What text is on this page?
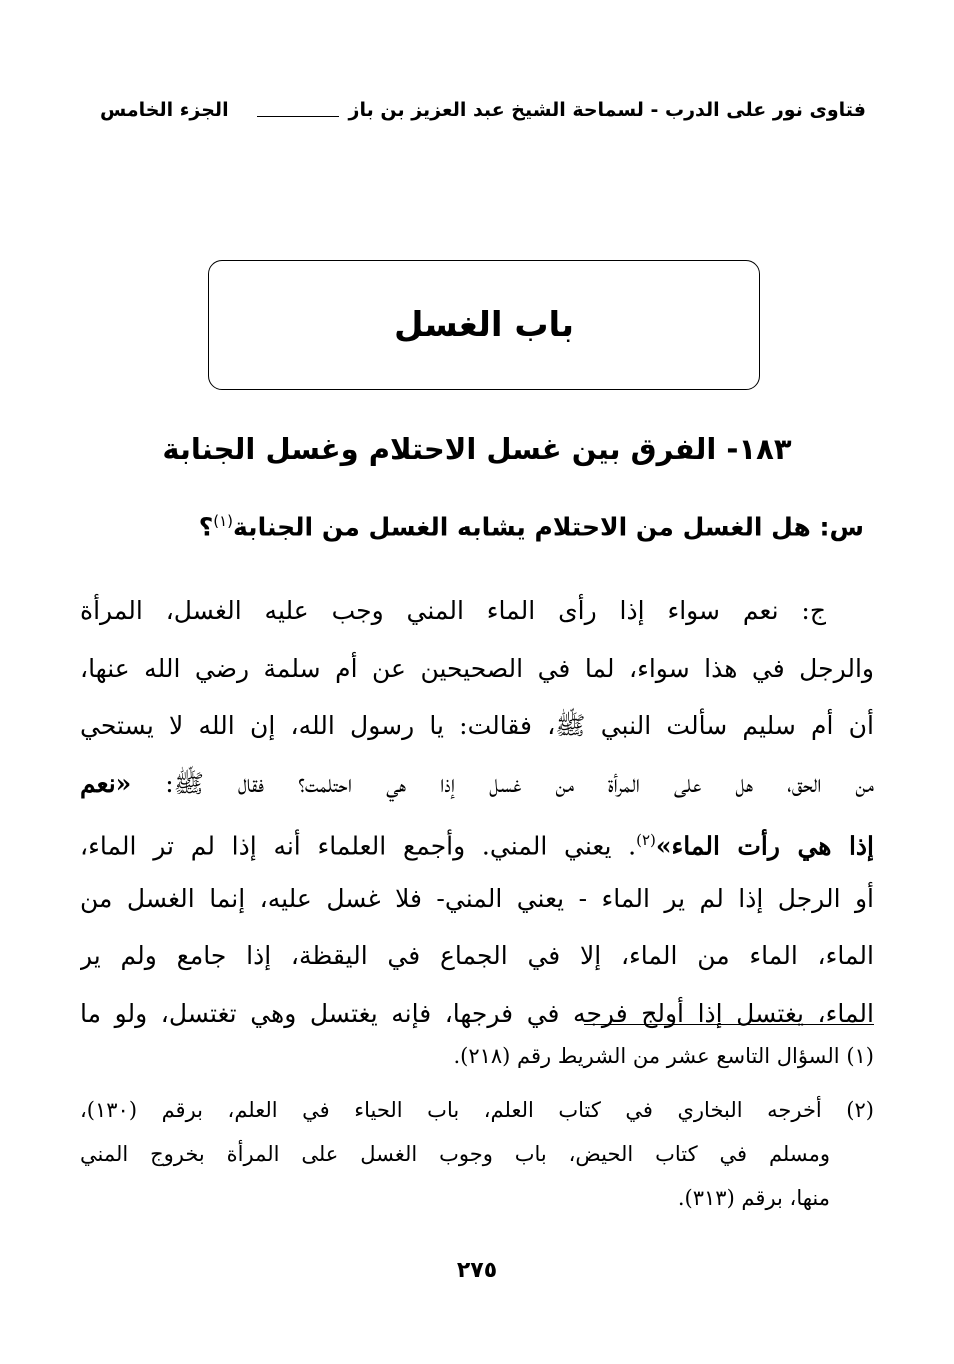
فتاوى نور على الدرب - لسماحة الشيخ عبد العزيز بن باز
الجزء الخامس
باب الغسل
١٨٣- الفرق بين غسل الاحتلام وغسل الجنابة
س: هل الغسل من الاحتلام يشابه الغسل من الجنابة$^{(١)}$؟
ج: نعم سواء إذا رأى الماء المني وجب عليه الغسل، المرأة
والرجل في هذا سواء، لما في الصحيحين عن أم سلمة رضي الله عنها،
أن أم سليم سألت النبي ﷺ، فقالت: يا رسول الله، إن الله لا يستحي
من الحق، هل على المرأة من غسل إذا هي احتلمت؟ فقال ﷺ: «نعم
إذا هي رأت الماء»$^{(٢)}$. يعني المني. وأجمع العلماء أنه إذا لم تر الماء،
أو الرجل إذا لم ير الماء - يعني المني- فلا غسل عليه، إنما الغسل من
الماء، الماء من الماء، إلا في الجماع في اليقظة، إذا جامع ولم ير
الماء، يغتسل إذا أولج فرجه في فرجها، فإنه يغتسل وهي تغتسل، ولو ما
(١) السؤال التاسع عشر من الشريط رقم (٢١٨).
(٢) أخرجه البخاري في كتاب العلم، باب الحياء في العلم، برقم (١٣٠)،
ومسلم في كتاب الحيض، باب وجوب الغسل على المرأة بخروج المني
منها، برقم (٣١٣).
٢٧٥
